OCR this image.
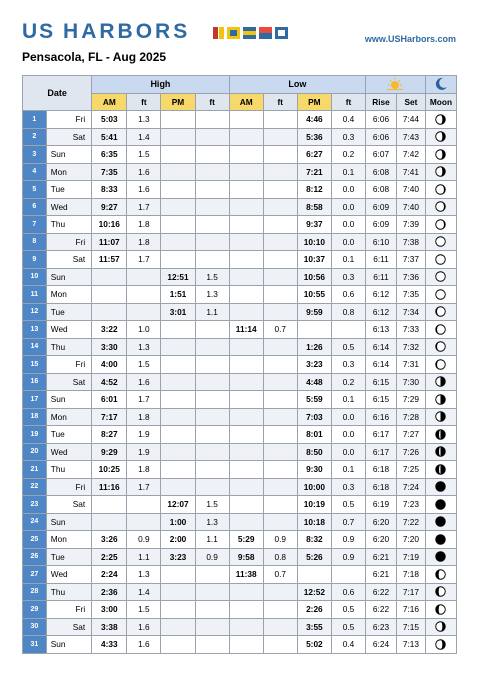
US HARBORS	www.USHarbors.com
Pensacola, FL - Aug 2025
Date		High				Low	

		AM	ft	PM	ft	AM	ft	PM	ft	Rise	Set	Moon
1	Fri	5:03	1.3					4:46	0.4	6:06	7:44	

2	Sat	5:41	1.4					5:36	0.3	6:06	7:43	

3	Sun	6:35	1.5					6:27	0.2	6:07	7:42	

4	Mon	7:35	1.6					7:21	0.1	6:08	7:41	

5	Tue	8:33	1.6					8:12	0.0	6:08	7:40	

6	Wed	9:27	1.7					8:58	0.0	6:09	7:40	

7	Thu	10:16	1.8					9:37	0.0	6:09	7:39	

8	Fri	11:07	1.8					10:10	0.0	6:10	7:38	

9	Sat	11:57	1.7					10:37	0.1	6:11	7:37	

10	Sun			12:51	1.5			10:56	0.3	6:11	7:36	

11	Mon			1:51	1.3			10:55	0.6	6:12	7:35	

12	Tue			3:01	1.1			9:59	0.8	6:12	7:34	

13	Wed	3:22	1.0			11:14	0.7			6:13	7:33	

14	Thu	3:30	1.3					1:26	0.5	6:14	7:32	

15	Fri	4:00	1.5					3:23	0.3	6:14	7:31	

16	Sat	4:52	1.6					4:48	0.2	6:15	7:30	

17	Sun	6:01	1.7					5:59	0.1	6:15	7:29	

18	Mon	7:17	1.8					7:03	0.0	6:16	7:28	

19	Tue	8:27	1.9					8:01	0.0	6:17	7:27	

20	Wed	9:29	1.9					8:50	0.0	6:17	7:26	

21	Thu	10:25	1.8					9:30	0.1	6:18	7:25	

22	Fri	11:16	1.7					10:00	0.3	6:18	7:24	

23	Sat			12:07	1.5			10:19	0.5	6:19	7:23	

24	Sun			1:00	1.3			10:18	0.7	6:20	7:22	

25	Mon	3:26	0.9	2:00	1.1	5:29	0.9	8:32	0.9	6:20	7:20	

26	Tue	2:25	1.1	3:23	0.9	9:58	0.8	5:26	0.9	6:21	7:19	

27	Wed	2:24	1.3			11:38	0.7			6:21	7:18	

28	Thu	2:36	1.4					12:52	0.6	6:22	7:17	

29	Fri	3:00	1.5					2:26	0.5	6:22	7:16	

30	Sat	3:38	1.6					3:55	0.5	6:23	7:15	

31	Sun	4:33	1.6					5:02	0.4	6:24	7:13	
